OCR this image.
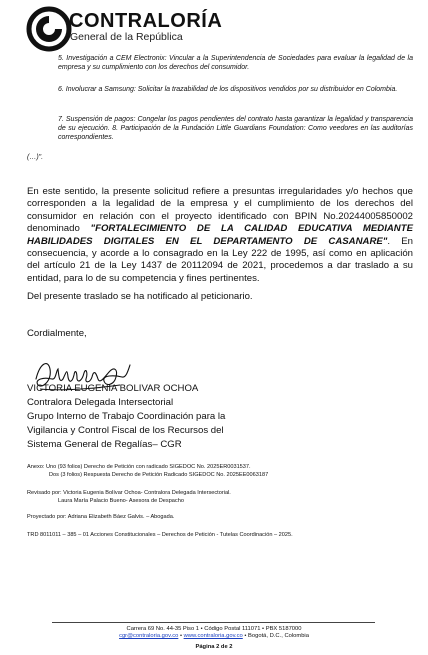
CONTRALORÍA
General de la República
5. Investigación a CEM Electronix: Vincular a la Superintendencia de Sociedades para evaluar la legalidad de la empresa y su cumplimiento con los derechos del consumidor.
6. Involucrar a Samsung: Solicitar la trazabilidad de los dispositivos vendidos por su distribuidor en Colombia.
7. Suspensión de pagos: Congelar los pagos pendientes del contrato hasta garantizar la legalidad y transparencia de su ejecución. 8. Participación de la Fundación Little Guardians Foundation: Como veedores en las auditorías correspondientes.
(…)".
En este sentido, la presente solicitud refiere a presuntas irregularidades y/o hechos que corresponden a la legalidad de la empresa y el cumplimiento de los derechos del consumidor en relación con el proyecto identificado con BPIN No.20244005850002 denominado "FORTALECIMIENTO DE LA CALIDAD EDUCATIVA MEDIANTE HABILIDADES DIGITALES EN EL DEPARTAMENTO DE CASANARE". En consecuencia, y acorde a lo consagrado en la Ley 222 de 1995, así como en aplicación del artículo 21 de la Ley 1437 de 20112094 de 2021, procedemos a dar traslado a su entidad, para lo de su competencia y fines pertinentes.
Del presente traslado se ha notificado al peticionario.
Cordialmente,
VICTORIA EUGENIA BOLIVAR OCHOA
Contralora Delegada Intersectorial
Grupo Interno de Trabajo Coordinación para la
Vigilancia y Control Fiscal de los Recursos del
Sistema General de Regalías– CGR
Anexo: Uno (93 folios) Derecho de Petición con radicado SIGEDOC No. 2025ER0031537.
Dos (3 folios) Respuesta Derecho de Petición Radicado SIGEDOC No. 2025EE0063187
Revisado por: Victoria Eugenia Bolívar Ochoa- Contralora Delegada Intersectorial.
Laura María Palacio Bueno- Asesora de Despacho
Proyectado por: Adriana Elizabeth Báez Galvis. – Abogada.
TRD 8011011 – 385 – 01 Acciones Constitucionales – Derechos de Petición - Tutelas Coordinación – 2025.
Carrera 69 No. 44-35 Piso 1 • Código Postal 111071 • PBX 5187000
cgr@contraloria.gov.co • www.contraloria.gov.co • Bogotá, D.C., Colombia
Página 2 de 2
